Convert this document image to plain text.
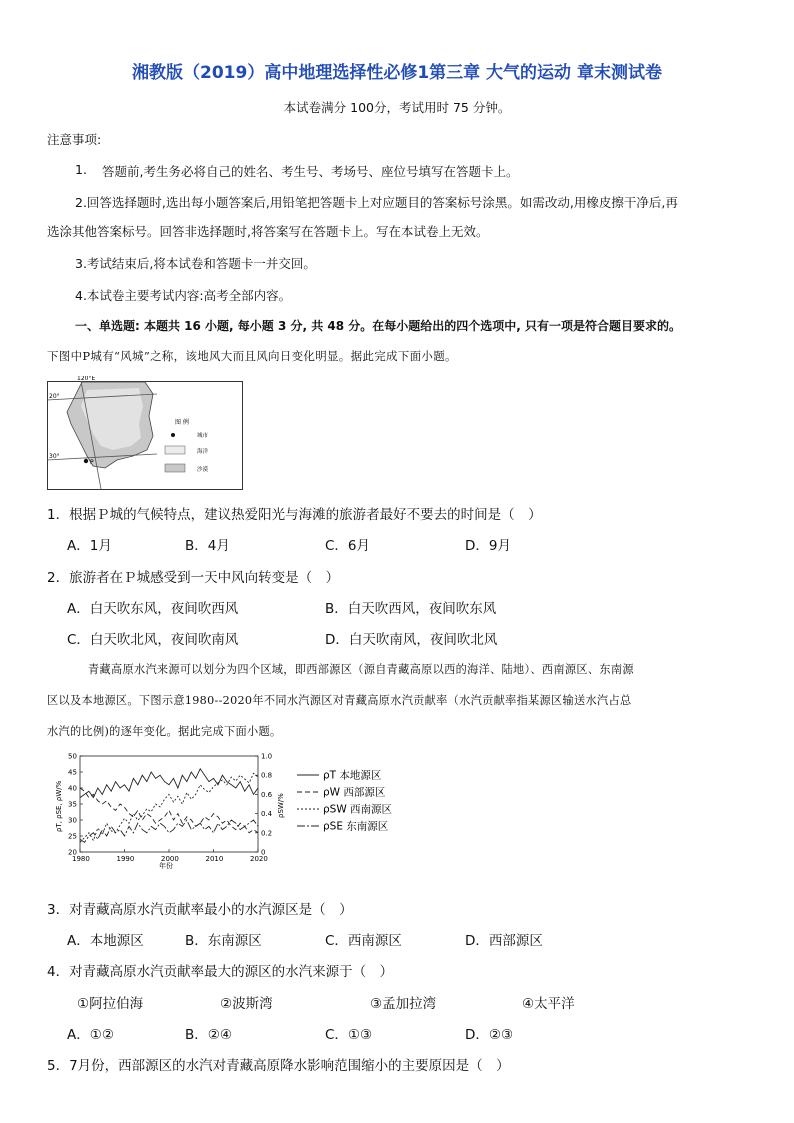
湘教版（2019）高中地理选择性必修1第三章 大气的运动 章末测试卷
本试卷满分 100分，考试用时 75 分钟。
注意事项:
1. 答题前,考生务必将自己的姓名、考生号、考场号、座位号填写在答题卡上。
2.回答选择题时,选出每小题答案后,用铅笔把答题卡上对应题目的答案标号涂黑。如需改动,用橡皮擦干净后,再
选涂其他答案标号。回答非选择题时,将答案写在答题卡上。写在本试卷上无效。
3.考试结束后,将本试卷和答题卡一并交回。
4.本试卷主要考试内容:高考全部内容。
一、单选题: 本题共 16 小题, 每小题 3 分, 共 48 分。在每小题给出的四个选项中, 只有一项是符合题目要求的。
下图中P城有“风城”之称，该地风大而且风向日变化明显。据此完成下面小题。
120°E
20°
30°
P
图 例
城市
海洋
沙漠
1．根据Ｐ城的气候特点，建议热爱阳光与海滩的旅游者最好不要去的时间是（　）
A．1月	B．4月	C．6月	D．9月
2．旅游者在Ｐ城感受到一天中风向转变是（　）
A．白天吹东风，夜间吹西风	B．白天吹西风，夜间吹东风
C．白天吹北风，夜间吹南风	D．白天吹南风，夜间吹北风
青藏高原水汽来源可以划分为四个区域，即西部源区（源自青藏高原以西的海洋、陆地）、西南源区、东南源
区以及本地源区。下图示意1980--2020年不同水汽源区对青藏高原水汽贡献率（水汽贡献率指某源区输送水汽占总
水汽的比例)的逐年变化。据此完成下面小题。
1980	1990	2000	2010	2020
20
25
30
35
40
45
50
0
0.2
0.4
0.6
0.8
1.0
ρT 本地源区
ρW 西部源区
ρSW 西南源区
ρSE 东南源区
ρT, ρSE, ρW/%	ρSW/%
年份
3．对青藏高原水汽贡献率最小的水汽源区是（　）
A．本地源区	B．东南源区	C．西南源区	D．西部源区
4．对青藏高原水汽贡献率最大的源区的水汽来源于（　）
①阿拉伯海	②波斯湾	③孟加拉湾	④太平洋
A．①②	B．②④	C．①③	D．②③
5．7月份，西部源区的水汽对青藏高原降水影响范围缩小的主要原因是（　）
